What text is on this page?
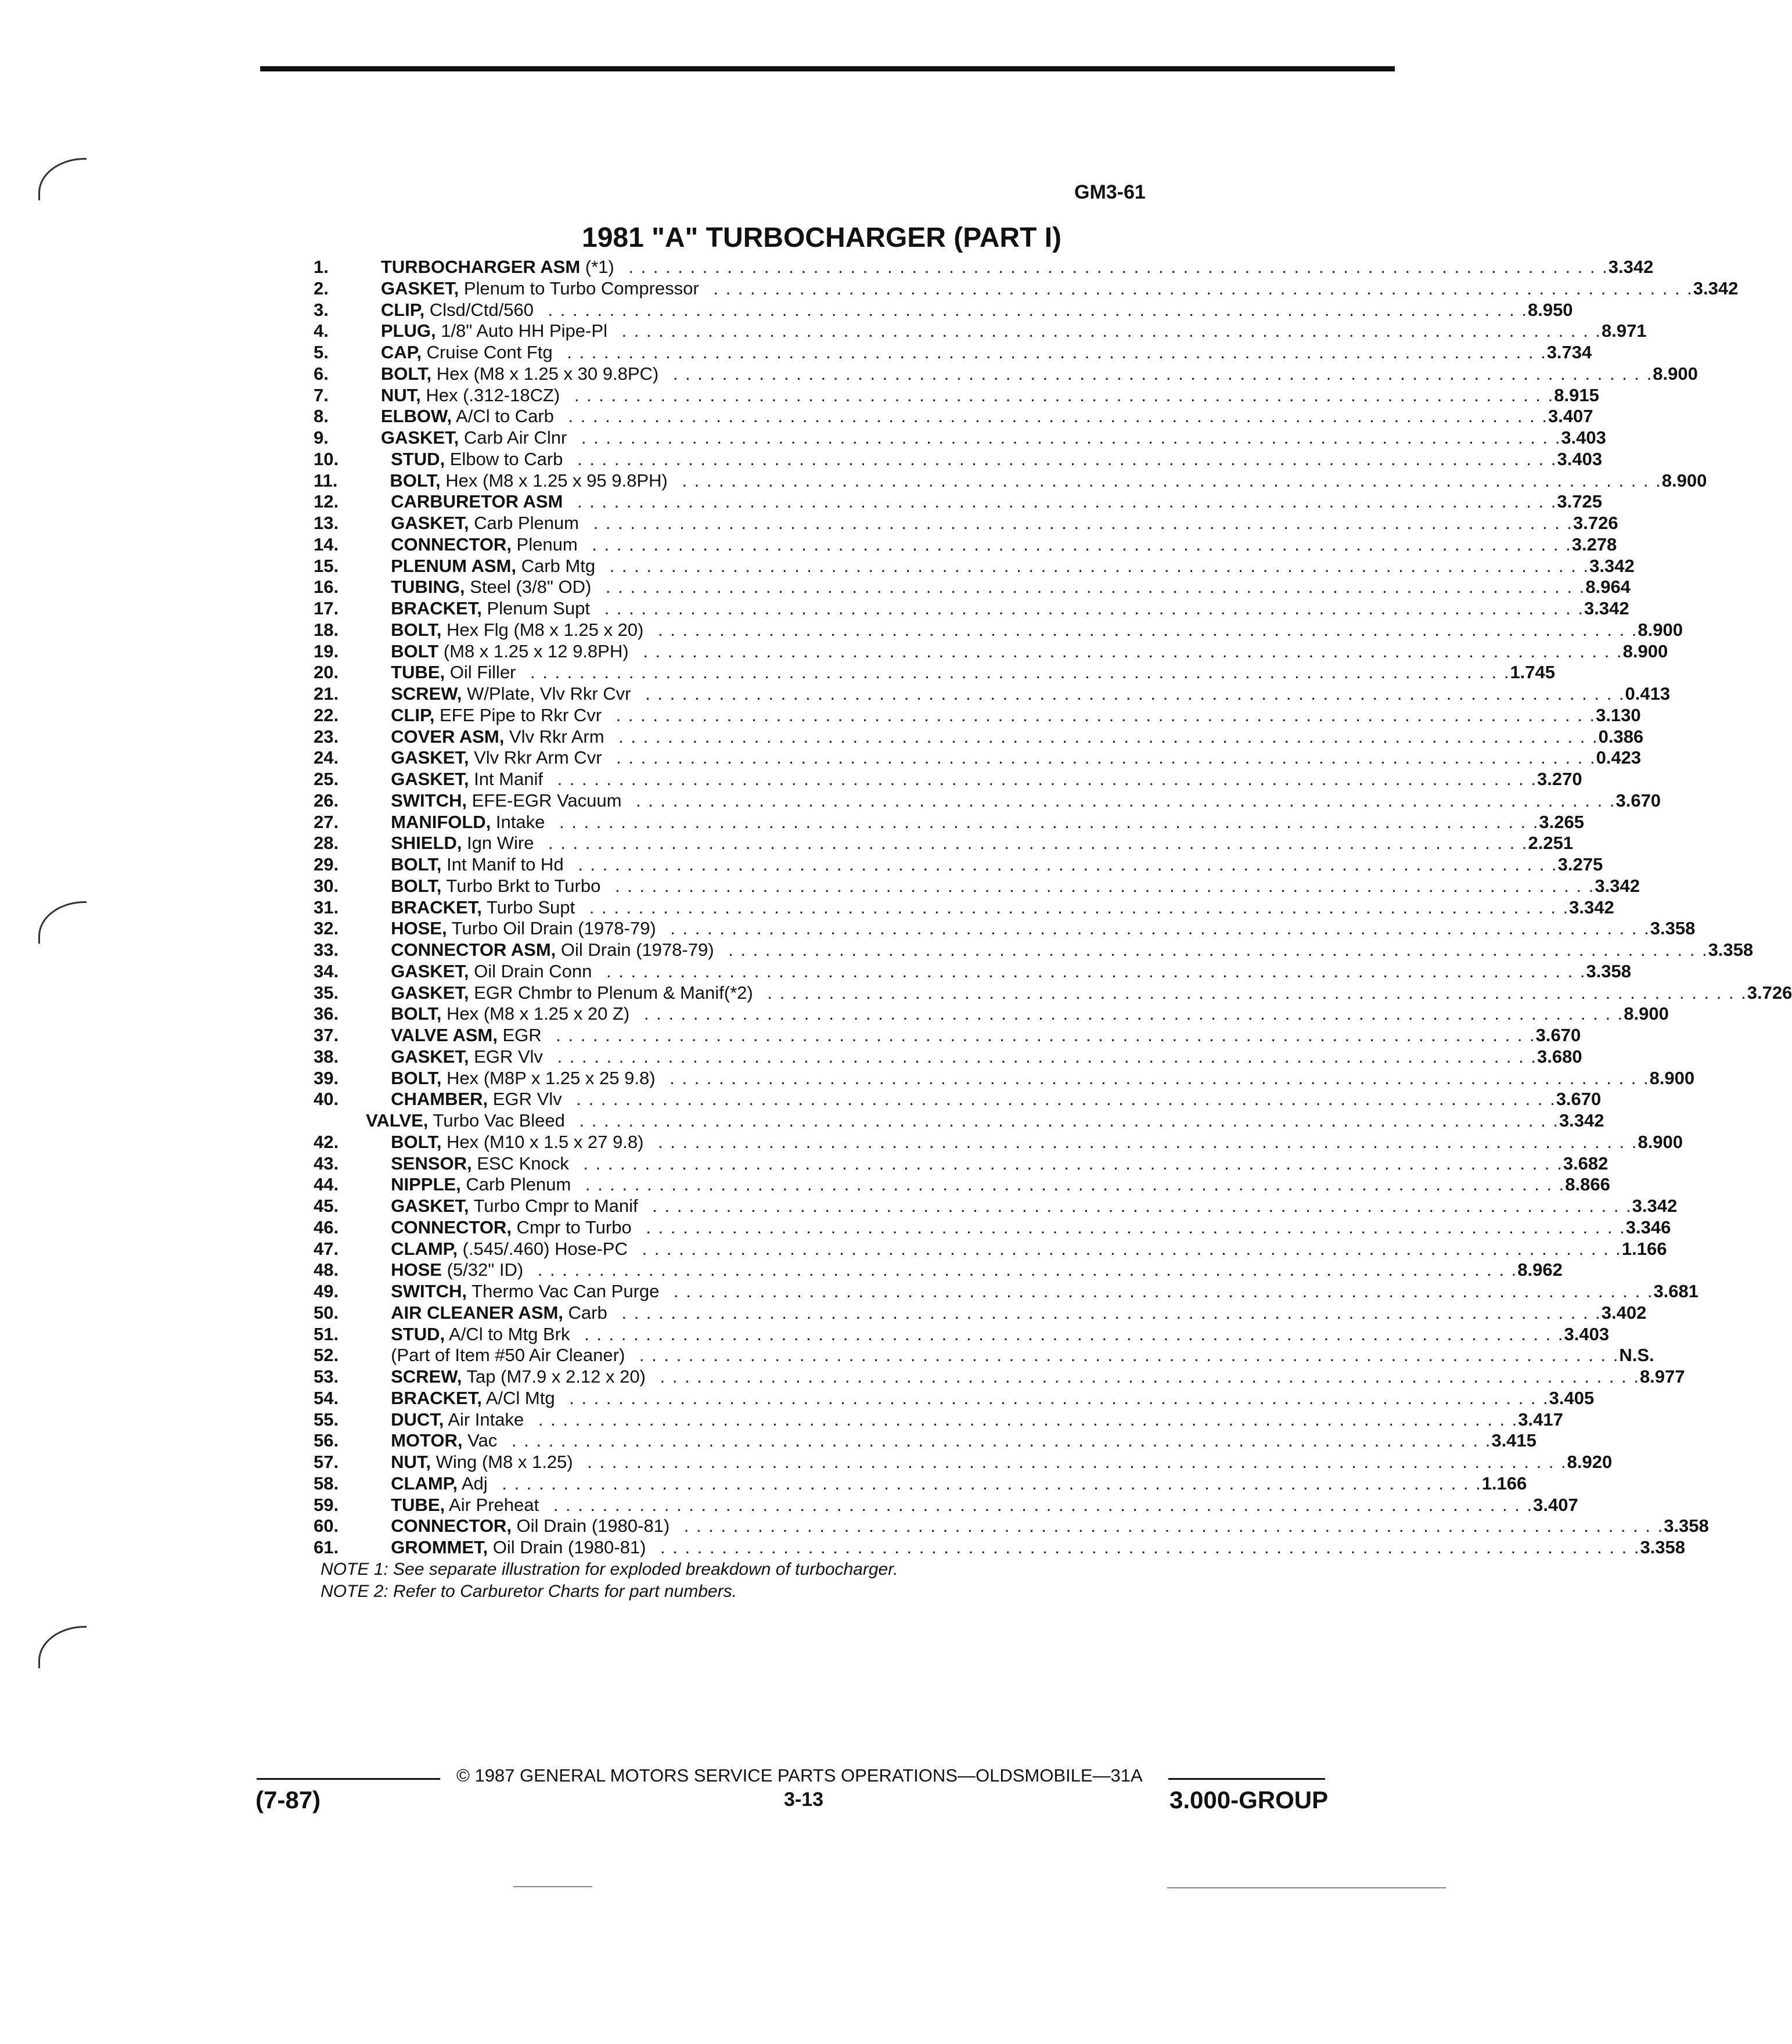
GM3-61
1981 "A" TURBOCHARGER (PART I)
1.	TURBOCHARGER ASM (*1) . . . . . . . . . . . . . . . . . . . . . . . . . . . . . . . . . . . . . . . . . . . . . . . . . . . . . . . . . . . . . . . . . . . . . . . . . . . . . . . . 3.342
2.	GASKET, Plenum to Turbo Compressor . . . . . . . . . . . . . . . . . . . . . . . . . . . . . . . . . . . . . . . . . . . . . . . . . . . . . . . . . . . . . . . . . . . . . . . . . . . . . . . . 3.342
3.	CLIP, Clsd/Ctd/560 . . . . . . . . . . . . . . . . . . . . . . . . . . . . . . . . . . . . . . . . . . . . . . . . . . . . . . . . . . . . . . . . . . . . . . . . . . . . . . . . 8.950
4.	PLUG, 1/8" Auto HH Pipe-Pl . . . . . . . . . . . . . . . . . . . . . . . . . . . . . . . . . . . . . . . . . . . . . . . . . . . . . . . . . . . . . . . . . . . . . . . . . . . . . . . . 8.971
5.	CAP, Cruise Cont Ftg . . . . . . . . . . . . . . . . . . . . . . . . . . . . . . . . . . . . . . . . . . . . . . . . . . . . . . . . . . . . . . . . . . . . . . . . . . . . . . . . 3.734
6.	BOLT, Hex (M8 x 1.25 x 30 9.8PC) . . . . . . . . . . . . . . . . . . . . . . . . . . . . . . . . . . . . . . . . . . . . . . . . . . . . . . . . . . . . . . . . . . . . . . . . . . . . . . . . 8.900
7.	NUT, Hex (.312-18CZ) . . . . . . . . . . . . . . . . . . . . . . . . . . . . . . . . . . . . . . . . . . . . . . . . . . . . . . . . . . . . . . . . . . . . . . . . . . . . . . . . 8.915
8.	ELBOW, A/Cl to Carb . . . . . . . . . . . . . . . . . . . . . . . . . . . . . . . . . . . . . . . . . . . . . . . . . . . . . . . . . . . . . . . . . . . . . . . . . . . . . . . . 3.407
9.	GASKET, Carb Air Clnr . . . . . . . . . . . . . . . . . . . . . . . . . . . . . . . . . . . . . . . . . . . . . . . . . . . . . . . . . . . . . . . . . . . . . . . . . . . . . . . . 3.403
10.	STUD, Elbow to Carb . . . . . . . . . . . . . . . . . . . . . . . . . . . . . . . . . . . . . . . . . . . . . . . . . . . . . . . . . . . . . . . . . . . . . . . . . . . . . . . . 3.403
11.	BOLT, Hex (M8 x 1.25 x 95 9.8PH) . . . . . . . . . . . . . . . . . . . . . . . . . . . . . . . . . . . . . . . . . . . . . . . . . . . . . . . . . . . . . . . . . . . . . . . . . . . . . . . . 8.900
12.	CARBURETOR ASM . . . . . . . . . . . . . . . . . . . . . . . . . . . . . . . . . . . . . . . . . . . . . . . . . . . . . . . . . . . . . . . . . . . . . . . . . . . . . . . . 3.725
13.	GASKET, Carb Plenum . . . . . . . . . . . . . . . . . . . . . . . . . . . . . . . . . . . . . . . . . . . . . . . . . . . . . . . . . . . . . . . . . . . . . . . . . . . . . . . . 3.726
14.	CONNECTOR, Plenum . . . . . . . . . . . . . . . . . . . . . . . . . . . . . . . . . . . . . . . . . . . . . . . . . . . . . . . . . . . . . . . . . . . . . . . . . . . . . . . . 3.278
15.	PLENUM ASM, Carb Mtg . . . . . . . . . . . . . . . . . . . . . . . . . . . . . . . . . . . . . . . . . . . . . . . . . . . . . . . . . . . . . . . . . . . . . . . . . . . . . . . . 3.342
16.	TUBING, Steel (3/8" OD) . . . . . . . . . . . . . . . . . . . . . . . . . . . . . . . . . . . . . . . . . . . . . . . . . . . . . . . . . . . . . . . . . . . . . . . . . . . . . . . . 8.964
17.	BRACKET, Plenum Supt . . . . . . . . . . . . . . . . . . . . . . . . . . . . . . . . . . . . . . . . . . . . . . . . . . . . . . . . . . . . . . . . . . . . . . . . . . . . . . . . 3.342
18.	BOLT, Hex Flg (M8 x 1.25 x 20) . . . . . . . . . . . . . . . . . . . . . . . . . . . . . . . . . . . . . . . . . . . . . . . . . . . . . . . . . . . . . . . . . . . . . . . . . . . . . . . . 8.900
19.	BOLT (M8 x 1.25 x 12 9.8PH) . . . . . . . . . . . . . . . . . . . . . . . . . . . . . . . . . . . . . . . . . . . . . . . . . . . . . . . . . . . . . . . . . . . . . . . . . . . . . . . . 8.900
20.	TUBE, Oil Filler . . . . . . . . . . . . . . . . . . . . . . . . . . . . . . . . . . . . . . . . . . . . . . . . . . . . . . . . . . . . . . . . . . . . . . . . . . . . . . . . 1.745
21.	SCREW, W/Plate, Vlv Rkr Cvr . . . . . . . . . . . . . . . . . . . . . . . . . . . . . . . . . . . . . . . . . . . . . . . . . . . . . . . . . . . . . . . . . . . . . . . . . . . . . . . . 0.413
22.	CLIP, EFE Pipe to Rkr Cvr . . . . . . . . . . . . . . . . . . . . . . . . . . . . . . . . . . . . . . . . . . . . . . . . . . . . . . . . . . . . . . . . . . . . . . . . . . . . . . . . 3.130
23.	COVER ASM, Vlv Rkr Arm . . . . . . . . . . . . . . . . . . . . . . . . . . . . . . . . . . . . . . . . . . . . . . . . . . . . . . . . . . . . . . . . . . . . . . . . . . . . . . . . 0.386
24.	GASKET, Vlv Rkr Arm Cvr . . . . . . . . . . . . . . . . . . . . . . . . . . . . . . . . . . . . . . . . . . . . . . . . . . . . . . . . . . . . . . . . . . . . . . . . . . . . . . . . 0.423
25.	GASKET, Int Manif . . . . . . . . . . . . . . . . . . . . . . . . . . . . . . . . . . . . . . . . . . . . . . . . . . . . . . . . . . . . . . . . . . . . . . . . . . . . . . . . 3.270
26.	SWITCH, EFE-EGR Vacuum . . . . . . . . . . . . . . . . . . . . . . . . . . . . . . . . . . . . . . . . . . . . . . . . . . . . . . . . . . . . . . . . . . . . . . . . . . . . . . . . 3.670
27.	MANIFOLD, Intake . . . . . . . . . . . . . . . . . . . . . . . . . . . . . . . . . . . . . . . . . . . . . . . . . . . . . . . . . . . . . . . . . . . . . . . . . . . . . . . . 3.265
28.	SHIELD, Ign Wire . . . . . . . . . . . . . . . . . . . . . . . . . . . . . . . . . . . . . . . . . . . . . . . . . . . . . . . . . . . . . . . . . . . . . . . . . . . . . . . . 2.251
29.	BOLT, Int Manif to Hd . . . . . . . . . . . . . . . . . . . . . . . . . . . . . . . . . . . . . . . . . . . . . . . . . . . . . . . . . . . . . . . . . . . . . . . . . . . . . . . . 3.275
30.	BOLT, Turbo Brkt to Turbo . . . . . . . . . . . . . . . . . . . . . . . . . . . . . . . . . . . . . . . . . . . . . . . . . . . . . . . . . . . . . . . . . . . . . . . . . . . . . . . . 3.342
31.	BRACKET, Turbo Supt . . . . . . . . . . . . . . . . . . . . . . . . . . . . . . . . . . . . . . . . . . . . . . . . . . . . . . . . . . . . . . . . . . . . . . . . . . . . . . . . 3.342
32.	HOSE, Turbo Oil Drain (1978-79) . . . . . . . . . . . . . . . . . . . . . . . . . . . . . . . . . . . . . . . . . . . . . . . . . . . . . . . . . . . . . . . . . . . . . . . . . . . . . . . . 3.358
33.	CONNECTOR ASM, Oil Drain (1978-79) . . . . . . . . . . . . . . . . . . . . . . . . . . . . . . . . . . . . . . . . . . . . . . . . . . . . . . . . . . . . . . . . . . . . . . . . . . . . . . . . 3.358
34.	GASKET, Oil Drain Conn . . . . . . . . . . . . . . . . . . . . . . . . . . . . . . . . . . . . . . . . . . . . . . . . . . . . . . . . . . . . . . . . . . . . . . . . . . . . . . . . 3.358
35.	GASKET, EGR Chmbr to Plenum & Manif(*2) . . . . . . . . . . . . . . . . . . . . . . . . . . . . . . . . . . . . . . . . . . . . . . . . . . . . . . . . . . . . . . . . . . . . . . . . . . . . . . . . 3.726
36.	BOLT, Hex (M8 x 1.25 x 20 Z) . . . . . . . . . . . . . . . . . . . . . . . . . . . . . . . . . . . . . . . . . . . . . . . . . . . . . . . . . . . . . . . . . . . . . . . . . . . . . . . . 8.900
37.	VALVE ASM, EGR . . . . . . . . . . . . . . . . . . . . . . . . . . . . . . . . . . . . . . . . . . . . . . . . . . . . . . . . . . . . . . . . . . . . . . . . . . . . . . . . 3.670
38.	GASKET, EGR Vlv . . . . . . . . . . . . . . . . . . . . . . . . . . . . . . . . . . . . . . . . . . . . . . . . . . . . . . . . . . . . . . . . . . . . . . . . . . . . . . . . 3.680
39.	BOLT, Hex (M8P x 1.25 x 25 9.8) . . . . . . . . . . . . . . . . . . . . . . . . . . . . . . . . . . . . . . . . . . . . . . . . . . . . . . . . . . . . . . . . . . . . . . . . . . . . . . . . 8.900
40.	CHAMBER, EGR Vlv . . . . . . . . . . . . . . . . . . . . . . . . . . . . . . . . . . . . . . . . . . . . . . . . . . . . . . . . . . . . . . . . . . . . . . . . . . . . . . . . 3.670
VALVE, Turbo Vac Bleed . . . . . . . . . . . . . . . . . . . . . . . . . . . . . . . . . . . . . . . . . . . . . . . . . . . . . . . . . . . . . . . . . . . . . . . . . . . . . . . . 3.342
42.	BOLT, Hex (M10 x 1.5 x 27 9.8) . . . . . . . . . . . . . . . . . . . . . . . . . . . . . . . . . . . . . . . . . . . . . . . . . . . . . . . . . . . . . . . . . . . . . . . . . . . . . . . . 8.900
43.	SENSOR, ESC Knock . . . . . . . . . . . . . . . . . . . . . . . . . . . . . . . . . . . . . . . . . . . . . . . . . . . . . . . . . . . . . . . . . . . . . . . . . . . . . . . . 3.682
44.	NIPPLE, Carb Plenum . . . . . . . . . . . . . . . . . . . . . . . . . . . . . . . . . . . . . . . . . . . . . . . . . . . . . . . . . . . . . . . . . . . . . . . . . . . . . . . . 8.866
45.	GASKET, Turbo Cmpr to Manif . . . . . . . . . . . . . . . . . . . . . . . . . . . . . . . . . . . . . . . . . . . . . . . . . . . . . . . . . . . . . . . . . . . . . . . . . . . . . . . . 3.342
46.	CONNECTOR, Cmpr to Turbo . . . . . . . . . . . . . . . . . . . . . . . . . . . . . . . . . . . . . . . . . . . . . . . . . . . . . . . . . . . . . . . . . . . . . . . . . . . . . . . . 3.346
47.	CLAMP, (.545/.460) Hose-PC . . . . . . . . . . . . . . . . . . . . . . . . . . . . . . . . . . . . . . . . . . . . . . . . . . . . . . . . . . . . . . . . . . . . . . . . . . . . . . . . 1.166
48.	HOSE (5/32" ID) . . . . . . . . . . . . . . . . . . . . . . . . . . . . . . . . . . . . . . . . . . . . . . . . . . . . . . . . . . . . . . . . . . . . . . . . . . . . . . . . 8.962
49.	SWITCH, Thermo Vac Can Purge . . . . . . . . . . . . . . . . . . . . . . . . . . . . . . . . . . . . . . . . . . . . . . . . . . . . . . . . . . . . . . . . . . . . . . . . . . . . . . . . 3.681
50.	AIR CLEANER ASM, Carb . . . . . . . . . . . . . . . . . . . . . . . . . . . . . . . . . . . . . . . . . . . . . . . . . . . . . . . . . . . . . . . . . . . . . . . . . . . . . . . . 3.402
51.	STUD, A/Cl to Mtg Brk . . . . . . . . . . . . . . . . . . . . . . . . . . . . . . . . . . . . . . . . . . . . . . . . . . . . . . . . . . . . . . . . . . . . . . . . . . . . . . . . 3.403
52.	(Part of Item #50 Air Cleaner) . . . . . . . . . . . . . . . . . . . . . . . . . . . . . . . . . . . . . . . . . . . . . . . . . . . . . . . . . . . . . . . . . . . . . . . . . . . . . . . . N.S.
53.	SCREW, Tap (M7.9 x 2.12 x 20) . . . . . . . . . . . . . . . . . . . . . . . . . . . . . . . . . . . . . . . . . . . . . . . . . . . . . . . . . . . . . . . . . . . . . . . . . . . . . . . . 8.977
54.	BRACKET, A/Cl Mtg . . . . . . . . . . . . . . . . . . . . . . . . . . . . . . . . . . . . . . . . . . . . . . . . . . . . . . . . . . . . . . . . . . . . . . . . . . . . . . . . 3.405
55.	DUCT, Air Intake . . . . . . . . . . . . . . . . . . . . . . . . . . . . . . . . . . . . . . . . . . . . . . . . . . . . . . . . . . . . . . . . . . . . . . . . . . . . . . . . 3.417
56.	MOTOR, Vac . . . . . . . . . . . . . . . . . . . . . . . . . . . . . . . . . . . . . . . . . . . . . . . . . . . . . . . . . . . . . . . . . . . . . . . . . . . . . . . . 3.415
57.	NUT, Wing (M8 x 1.25) . . . . . . . . . . . . . . . . . . . . . . . . . . . . . . . . . . . . . . . . . . . . . . . . . . . . . . . . . . . . . . . . . . . . . . . . . . . . . . . . 8.920
58.	CLAMP, Adj . . . . . . . . . . . . . . . . . . . . . . . . . . . . . . . . . . . . . . . . . . . . . . . . . . . . . . . . . . . . . . . . . . . . . . . . . . . . . . . . 1.166
59.	TUBE, Air Preheat . . . . . . . . . . . . . . . . . . . . . . . . . . . . . . . . . . . . . . . . . . . . . . . . . . . . . . . . . . . . . . . . . . . . . . . . . . . . . . . . 3.407
60.	CONNECTOR, Oil Drain (1980-81) . . . . . . . . . . . . . . . . . . . . . . . . . . . . . . . . . . . . . . . . . . . . . . . . . . . . . . . . . . . . . . . . . . . . . . . . . . . . . . . . 3.358
61.	GROMMET, Oil Drain (1980-81) . . . . . . . . . . . . . . . . . . . . . . . . . . . . . . . . . . . . . . . . . . . . . . . . . . . . . . . . . . . . . . . . . . . . . . . . . . . . . . . . 3.358
NOTE 1: See separate illustration for exploded breakdown of turbocharger.
NOTE 2: Refer to Carburetor Charts for part numbers.
© 1987 GENERAL MOTORS SERVICE PARTS OPERATIONS—OLDSMOBILE—31A
(7-87)	3-13	3.000-GROUP
